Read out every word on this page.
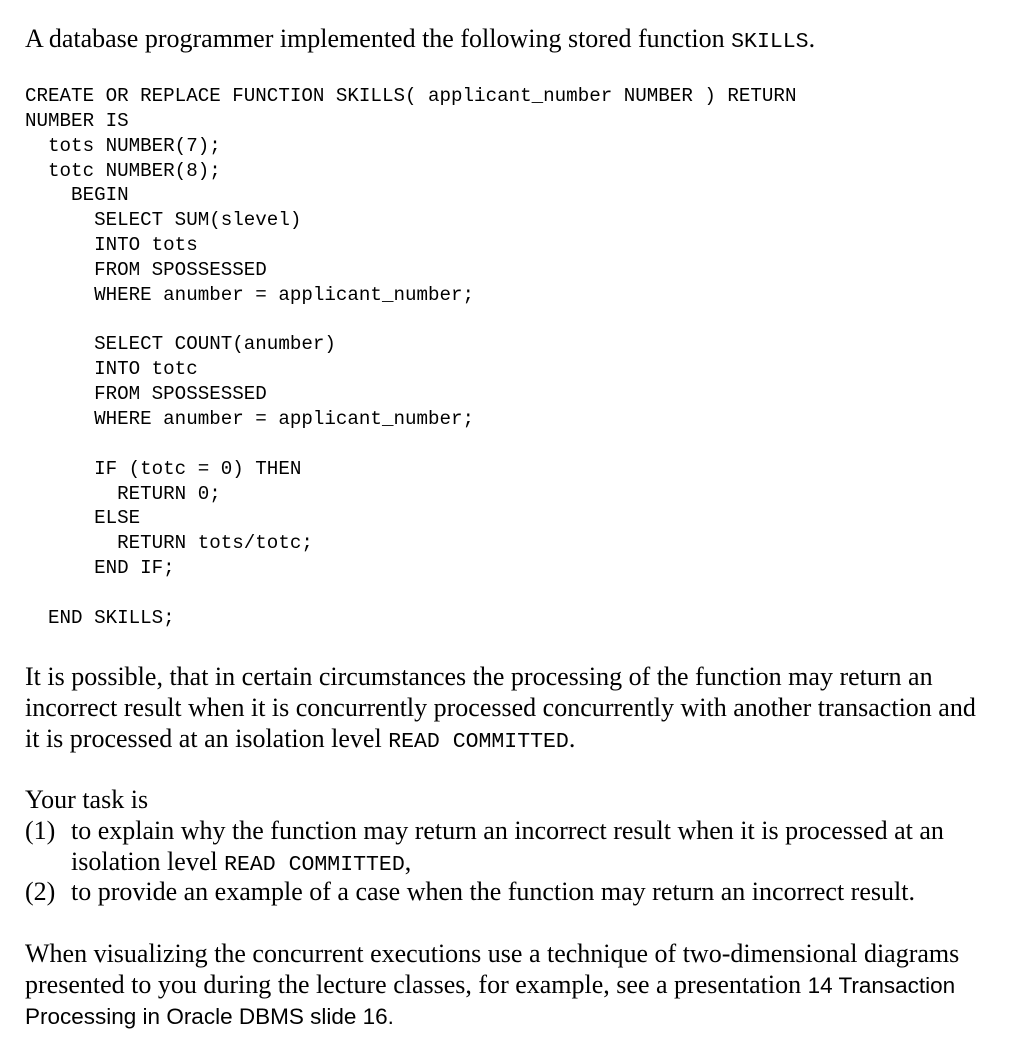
A database programmer implemented the following stored function SKILLS.
CREATE OR REPLACE FUNCTION SKILLS( applicant_number NUMBER ) RETURN
NUMBER IS
tots NUMBER(7);
totc NUMBER(8);
BEGIN
SELECT SUM(slevel)
INTO tots
FROM SPOSSESSED
WHERE anumber = applicant_number;
SELECT COUNT(anumber)
INTO totc
FROM SPOSSESSED
WHERE anumber = applicant_number;
IF (totc = 0) THEN
RETURN 0;
ELSE
RETURN tots/totc;
END IF;
END SKILLS;
It is possible, that in certain circumstances the processing of the function may return an
incorrect result when it is concurrently processed concurrently with another transaction and
it is processed at an isolation level READ COMMITTED.
Your task is
(1) to explain why the function may return an incorrect result when it is processed at an
isolation level READ COMMITTED,
(2) to provide an example of a case when the function may return an incorrect result.
When visualizing the concurrent executions use a technique of two-dimensional diagrams
presented to you during the lecture classes, for example, see a presentation 14 Transaction
Processing in Oracle DBMS slide 16.
